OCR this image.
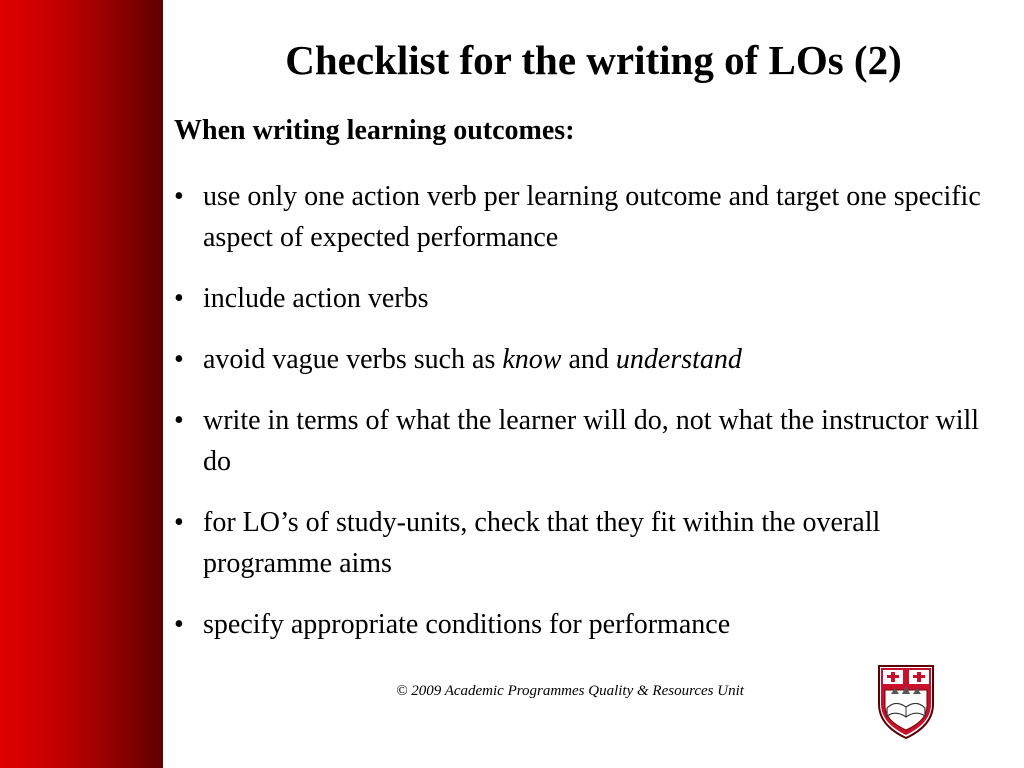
Checklist for the writing of LOs (2)
When writing learning outcomes:
• use only one action verb per learning outcome and target one specific aspect of expected performance
• include action verbs
• avoid vague verbs such as know and understand
• write in terms of what the learner will do, not what the instructor will do
• for LO’s of study-units, check that they fit within the overall programme aims
• specify appropriate conditions for performance
© 2009 Academic Programmes Quality & Resources Unit
